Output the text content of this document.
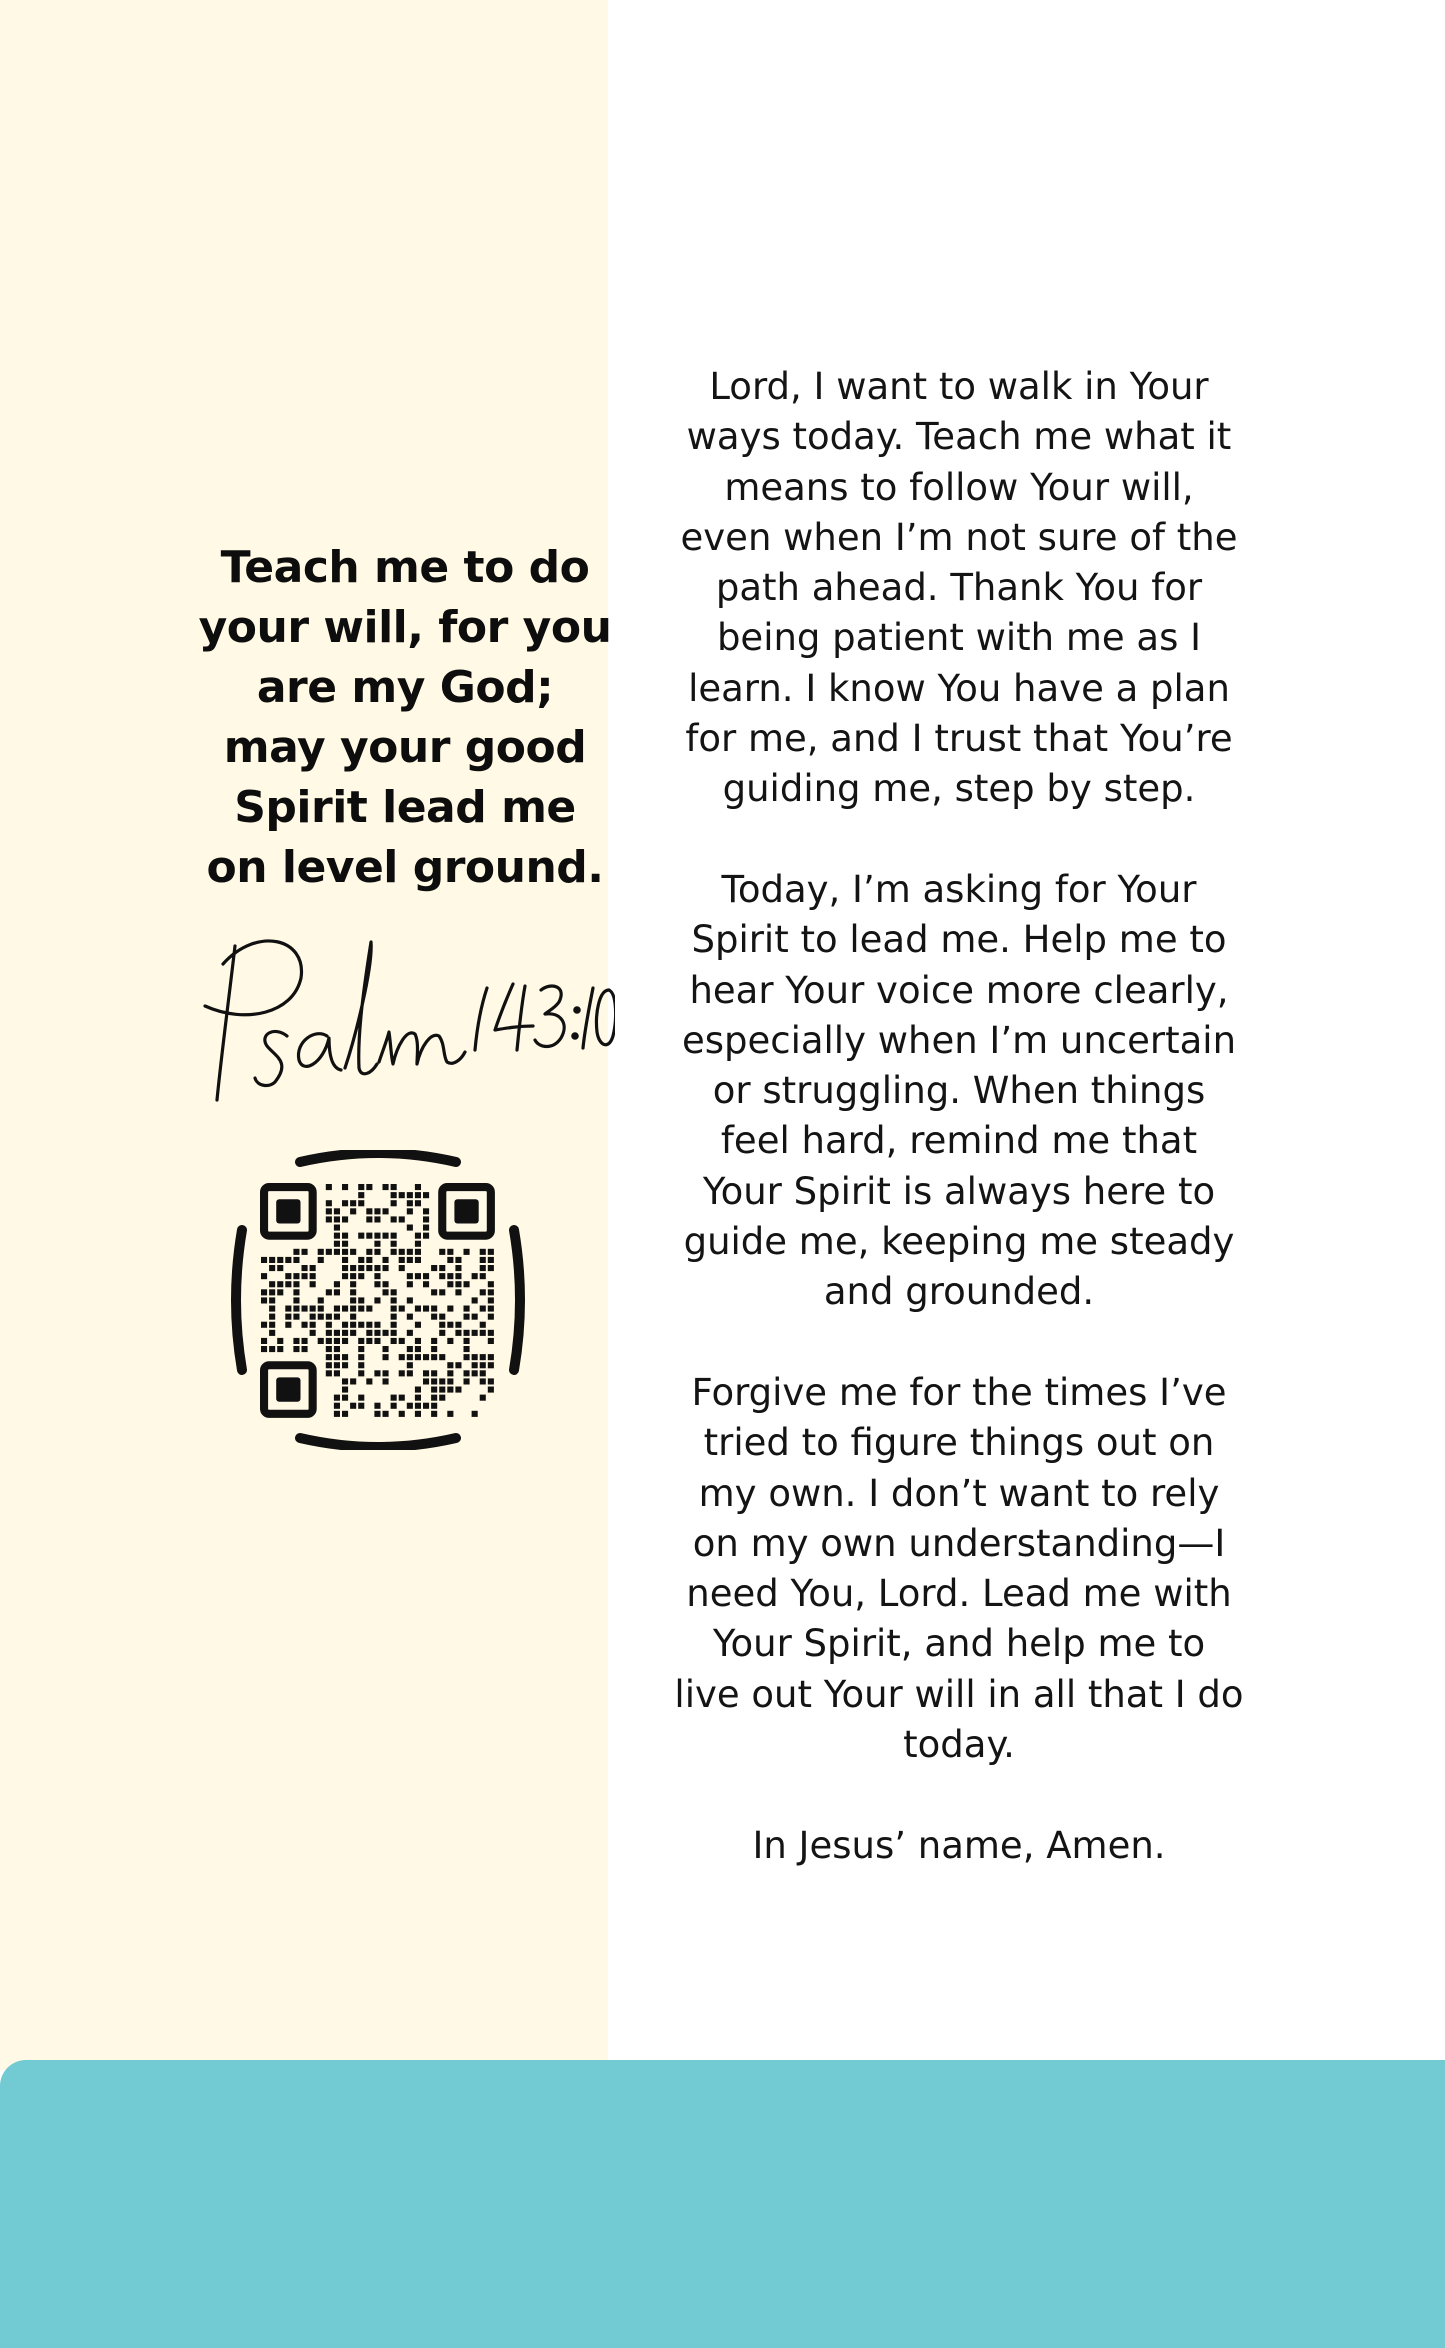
Teach me to do
your will, for you
are my God;
may your good
Spirit lead me
on level ground.

Lord, I want to walk in Your
ways today. Teach me what it
means to follow Your will,
even when I’m not sure of the
path ahead. Thank You for
being patient with me as I
learn. I know You have a plan
for me, and I trust that You’re
guiding me, step by step.

Today, I’m asking for Your
Spirit to lead me. Help me to
hear Your voice more clearly,
especially when I’m uncertain
or struggling. When things
feel hard, remind me that
Your Spirit is always here to
guide me, keeping me steady
and grounded.

Forgive me for the times I’ve
tried to figure things out on
my own. I don’t want to rely
on my own understanding—I
need You, Lord. Lead me with
Your Spirit, and help me to
live out Your will in all that I do
today.

In Jesus’ name, Amen.
